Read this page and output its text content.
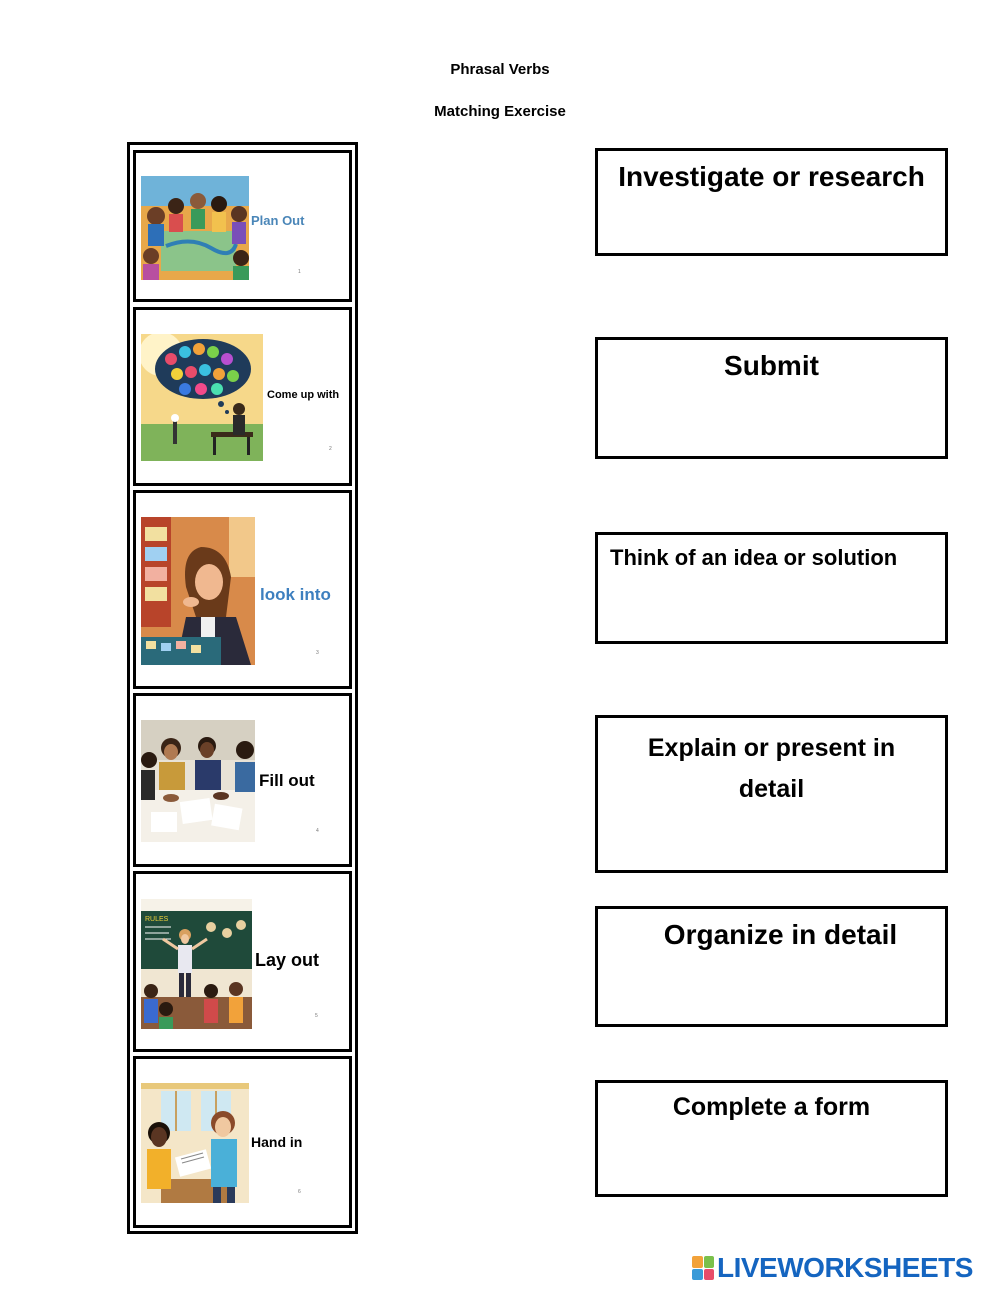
Phrasal Verbs
Matching Exercise
Plan Out
1
Come up with
2
look into
3
Fill out
4
RULES
Lay out
5
Hand in
6
Investigate or research
Submit
Think of an idea or solution
Explain or present in detail
Organize in detail
Complete a form
LIVEWORKSHEETS
